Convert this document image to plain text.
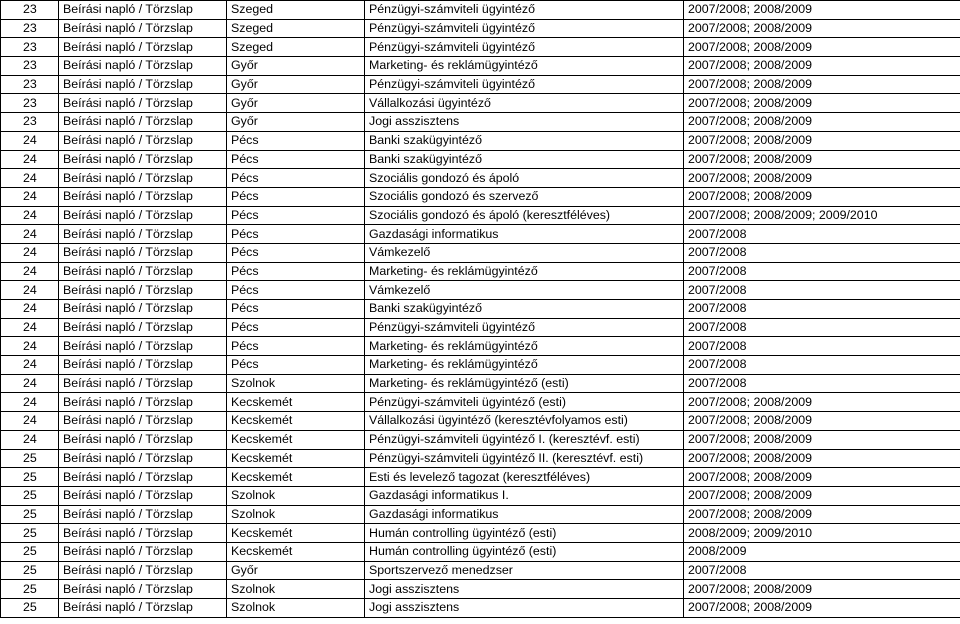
23	Beírási napló / Törzslap	Szeged	Pénzügyi-számviteli ügyintéző	2007/2008; 2008/2009
23	Beírási napló / Törzslap	Szeged	Pénzügyi-számviteli ügyintéző	2007/2008; 2008/2009
23	Beírási napló / Törzslap	Szeged	Pénzügyi-számviteli ügyintéző	2007/2008; 2008/2009
23	Beírási napló / Törzslap	Győr	Marketing- és reklámügyintéző	2007/2008; 2008/2009
23	Beírási napló / Törzslap	Győr	Pénzügyi-számviteli ügyintéző	2007/2008; 2008/2009
23	Beírási napló / Törzslap	Győr	Vállalkozási ügyintéző	2007/2008; 2008/2009
23	Beírási napló / Törzslap	Győr	Jogi asszisztens	2007/2008; 2008/2009
24	Beírási napló / Törzslap	Pécs	Banki szakügyintéző	2007/2008; 2008/2009
24	Beírási napló / Törzslap	Pécs	Banki szakügyintéző	2007/2008; 2008/2009
24	Beírási napló / Törzslap	Pécs	Szociális gondozó és ápoló	2007/2008; 2008/2009
24	Beírási napló / Törzslap	Pécs	Szociális gondozó és szervező	2007/2008; 2008/2009
24	Beírási napló / Törzslap	Pécs	Szociális gondozó és ápoló (keresztféléves)	2007/2008; 2008/2009; 2009/2010
24	Beírási napló / Törzslap	Pécs	Gazdasági informatikus	2007/2008
24	Beírási napló / Törzslap	Pécs	Vámkezelő	2007/2008
24	Beírási napló / Törzslap	Pécs	Marketing- és reklámügyintéző	2007/2008
24	Beírási napló / Törzslap	Pécs	Vámkezelő	2007/2008
24	Beírási napló / Törzslap	Pécs	Banki szakügyintéző	2007/2008
24	Beírási napló / Törzslap	Pécs	Pénzügyi-számviteli ügyintéző	2007/2008
24	Beírási napló / Törzslap	Pécs	Marketing- és reklámügyintéző	2007/2008
24	Beírási napló / Törzslap	Pécs	Marketing- és reklámügyintéző	2007/2008
24	Beírási napló / Törzslap	Szolnok	Marketing- és reklámügyintéző (esti)	2007/2008
24	Beírási napló / Törzslap	Kecskemét	Pénzügyi-számviteli ügyintéző (esti)	2007/2008; 2008/2009
24	Beírási napló / Törzslap	Kecskemét	Vállalkozási ügyintéző (keresztévfolyamos esti)	2007/2008; 2008/2009
24	Beírási napló / Törzslap	Kecskemét	Pénzügyi-számviteli ügyintéző I. (keresztévf. esti)	2007/2008; 2008/2009
25	Beírási napló / Törzslap	Kecskemét	Pénzügyi-számviteli ügyintéző II. (keresztévf. esti)	2007/2008; 2008/2009
25	Beírási napló / Törzslap	Kecskemét	Esti és levelező tagozat (keresztféléves)	2007/2008; 2008/2009
25	Beírási napló / Törzslap	Szolnok	Gazdasági informatikus I.	2007/2008; 2008/2009
25	Beírási napló / Törzslap	Szolnok	Gazdasági informatikus	2007/2008; 2008/2009
25	Beírási napló / Törzslap	Kecskemét	Humán controlling ügyintéző (esti)	2008/2009; 2009/2010
25	Beírási napló / Törzslap	Kecskemét	Humán controlling ügyintéző (esti)	2008/2009
25	Beírási napló / Törzslap	Győr	Sportszervező menedzser	2007/2008
25	Beírási napló / Törzslap	Szolnok	Jogi asszisztens	2007/2008; 2008/2009
25	Beírási napló / Törzslap	Szolnok	Jogi asszisztens	2007/2008; 2008/2009
